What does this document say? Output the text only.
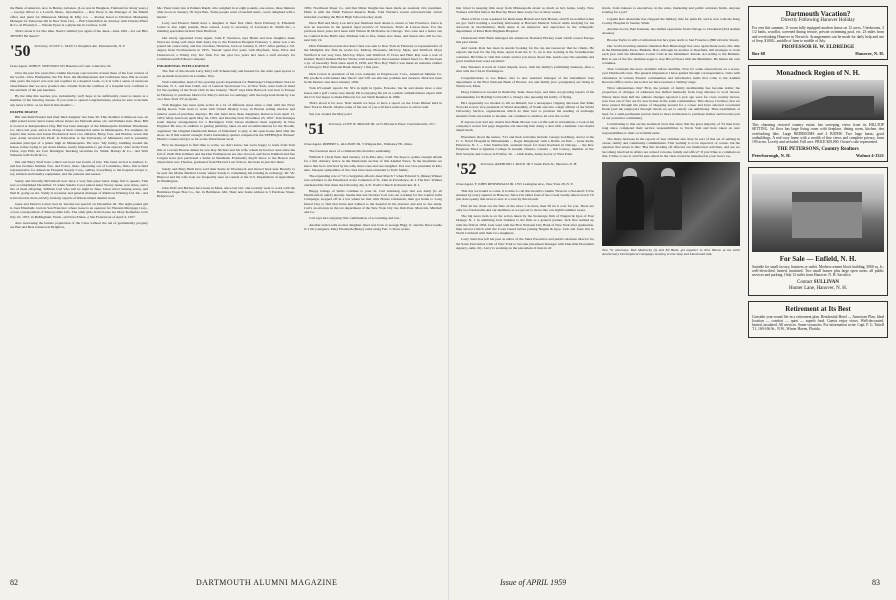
the Bank of America, now in Beirut, Lebanon. (Lou was in Bangkok, Thailand for many years.) ... George Oliver is a Lowell, Mass., Optometrist. ... Ray Perry is the Manager of the Miami office and plant for Minnesota Mining & Mfg. Co. ... Rocket Reed is Division Marketing Manager for Tidewater Oil in New York City. ... Bob Underhill is an attorney with Charles Pfizer & Co. in Brooklyn. ... Warren Pyser is a physician in Cerritos, Calif.

That's about it for this time. Need I remind you again of the dates—June 1961—for our BIG TENTH? Be there!!!

'50 Secretary, SCOTT C. OLIN 71 Tompkins Ave. Pleasantville, N. Y.
Class Agent, JOHN F. SWENSON 525 Hazelwood Court, Glenview, Ill.

Over the past few years this column has been concocted in at least three of the four corners of the world—New Hampshire, the Far East, the Mediterranean and Caribbean Seas. But in recent nine years the report was ever put together in a hospital room, so it is with a sense of unctuous cheerfulness that we now produce this column from the confines of a hospital bed, confined to the sanctum of the pen handlers.

By the time this reaches you, incidentally, we'll hope to be sufficiently cured to return as a member of the laboring classes. If you want to spread congratulations, please be sure to include any news with it, as we find in this month's ...

DIAPER DIGEST

Bill and Ruth Frenzel had their third daughter last June 30. This chamber is Meltoon Lee, an eight pound seven ounce lassie whose sisters are Deborah Anne, six, and Pamela Jean, three. Bill is located at Independence Day, Bill has been manager of the Minneapolis Terminal Warehouse Co. since last year, and is in charge of their commercial outlet in Minneapolis. For example, he reports that Arnie and Jessie Bockstruck have two children, Betty, four, and Bobbie, seven this year. Arnie received his Ph.D. in Education at the University of Minnesota and is presently assistant principal of a junior high in Minneapolis. He says: 'My hobby, building around the house, is like trying to pat down kittens, nearly impossible to get done anyway.' Also in the Twin Cities, says Bill, are Curt Dunnigan 'hawking securities for Smith, Barney & Co.,' and Walt Schuette with Swift & Co.

Jim and Betty Wolf have a third son born last fourth of July. The latest arrival is Andrew C. and has brothers Jimmie, five, and Foster, three. Operating out of Columbus, Ohio, Jim is field representative for American Hospital Supply Corp., selling 'everything to the hospital except x-ray, kitchen and laundry equipment, and the patients and nurses.'

Sandy and Dorothy McCulloch now have a very fine joker band, kings full to queens. This was accomplished December 15 when Sandra Carol joined sister Stacey Anne, now three, and a trio of male offspring, William Carl who will be eight in June, Jason who's turning seven, and Neil R. going on six. Sandy is treasurer and general manager of Rainbow Printing Ltd. Inc., and is involved in more activity in many aspects of Rhode Island alumni work.

Gene and Patricia Carver had an 'income tax special' on December 29. The eight-pound girl is Joan Elizabeth, born in San Francisco where Gene is an operator for Western Mortgage Corp., a loan correspondent of Metropolitan Life. The other girls in the house are Mary Katherine, born July 25, 1957, in Bellingham, Wash., and Sara Elaine, a San Franciscan of April 4, 1957.

Also increasing the female population of the Class without the aid of gentlemanly progeny are Ben and Bets Johnson in Brighton,

Me. Their latest lass is Pamela Randi, who weighed in at eight pounds, one ounce, three minutes after noon on January 18. Says Ben, 'Some people want a baseball team—we're delighted with a harem.'

Larry and Eleanor Smith have a daughter at their first child. Born February 6, Elizabeth Carter is also eight pounds, three ounces. Larry is secretary of Lawrence R. Smith Inc., a building specialties firm in West Hartford.

Our newly appointed Class Agent, John F. Swenson, says Helen and new daughter Anne Ward are doing well since their hasty trip to the Evanston Hospital February 1. Anne was a six pound ten ounce baby, and has a brother, Nicholas, born on January 9, 1957. After getting a J.D. degree from Northwestern in 1955, 'Swede' spent five years with Mayfield, Saxe, Price and Underwood, a Windy City law firm. For the past two years he's been a staff attorney for Commonwealth Edison Company.

INKADENTAL INTELLIGENCE

The first of this month Larry Perry left Schenectady and headed for the wide open spaces to set up medical practice in Laramie, Wyo.

Walt Lindenthal, head of the sporting goods department for Bamberger's Department Store in Newark, N. J., and Ken Udell, son of General Sportswear Co. in New York, were both on hand for the opening of the Stork Club in late January. 'That?' says Dick Babcock was host to Europe in February to purchase fabrics for Macy's and not too unhappy with the large haul made by Lee on a New York TV program.

Tom Ruggles has been quite active in a lot of different areas since a stint with the Navy during Korea. Tom went to work with United Display Corp. in Boston selling window and interior point-of-purchase displays. He and Janet have three daughters, Rebecca born April 15, 1955; Mary Ann born April May 16, 1955, and Dorothy born November 23, 1957. Tom manages retail display arrangements for a Barrington Club whose members meet regularly in New England. He also, in addition to getting publicity, takes on and accommodations for the Doodle, organized 'the Original Dartmouth Dukes of Dixieland' to play at the open house held after the show. As if this weren't enough, Tom's barbershop quartet competed in the SPEBSQSA 'Pioneer' District contest and got as far as the Westchester level.

How he managed to find time to write, we don't know, but we're happy to learn from Tom that at a recent Boston dinner he saw Ray Nichols and his wife, whom he had not seen since the fall of 1948. Bob Kilmarx and the Dan Featherstons are also in town, and Steve Kimball and Sue Colgate have just purchased a home in Needham. Eventually they'll move to the Boston area where their son, Thomas, graduated from Harvard Law School, has been in practice there.

Sandy and Mary Beth have sold their home in Woodstock and moved back near Beverly to be near the Maine Medical Center where Sandy is completing his training in radiology. Dr. Vic Harpool and his wife Joan are frequently seen on rounds at the U.S. Department of Agriculture in Washington.

John Wolf and Barbara have been in Mass. since last Oct. and recently went to work with the Baltimore Paper Box Co., Inc. in Baltimore, Md. Their new home address is 5 Purchase Street, Ridgewood.

1956. Northwest Paper Co. and that Dixie Vaughn has been made an assistant vice president. Dixie is with the Ninth Federal Reserve Bank. Tom Warner's recent extracurricular action included coaching the Birch High School hockey team.

Dave Bull and Mary Lou have just finalized their desire to return to San Francisco. Dave is now an associate in the general legal practice of Severson, Davis & Larson there. For the previous three years he'd been with Wilson & McIlvaine in Chicago. Two sons and a boiler can be counted in the Bull's nest, Michael who is five, James now three, and Susan who will be two next July 19.

Dick Whiteman reveals that Ken Clark was sent to New York in February as representative of the Memphis law firm he works for, McKay, Pleasants, McCloy, Myar, and Wellford. Myar Wellford is our very best, McCloy, Myar, and Wellford. If Clara and Herb Ray took a tour of Ireland. Herb's Indiana Harbor Works with assistant to the treasurer Inland Steel Co. He has been a vp. of Guaranty Trust since April 8, 1958, and 'Hoo Boy' Herb's was made an assistant cashier of Chicago's First National Bank January 1 this year.

Dick Cotten is president of his own company in Englewood, Colo., American Skinner Co. His products with names like 'Once!' and 'Oft' are silicone polishes and cleaners. Dick has been in the Denver area since January 1956.

Tom O'Connell reports No 50's in sight in Quito, Ecuador, but he and Annie have a nice house and a golf course very handy. He is enjoying his job as a public administration expert with the U.S. but hopes to make Hanover for our Tenth Reunion in 1960.

That's about it for now. Next month we hope to have a report on the Class Dinner held in New York in March. Maybe some of the rest of you will have some news to add as well.

See you around the May pole!

'51 Secretary, LOVE W. MILLER JR. 2115 Pinehurst Place Charlottesville, N.C.
Class Agent, ROBERT L. ALLISON JR. 5 Wingate Rd., Wellesley Hl., Mass.

The foremost news of a claimant this month is saddening.

William T. (Ted) Weis died January 14 in Palo Alto, Calif. We hope to gather enough details for a full obituary notice in the Memorials section of this Alumni News. In the meantime we know that he is survived by his wife, three sons and one daughter. Ted was vice president in Palo Alto. Deepest sympathies of the class have been extended to Ted's family.

The expanding role of '51's clergymen affords Janet March 7 when Edward S. (Duke) Winner was ordained to the Priesthood at the Cathedral of St. John in Providence, R. I. The Rev. Winner celebrated his first mass the following day at St. Paul's Church in Pawtucket, R. I.

Happy tidings of births continue to pour in. Carl Ginsberg says that son Andy (is all Dartmouth in spirit) already. Seems that last October Carl was out working for the Capital Gifts Campaign, stopped off in a bar where he met with Howie Glickstein, then got home to Long Island City to find that Irene had walked to the hospital in his absence and and so has Andy. Carl's an attorney in the tax department of the New York City law firm Pear, Marwick, Mitchell and Co.

Carl says he's enjoying 'this combination of accounting and law.'

Another notice tells us that daughter Janet was born to George Bigg, Jr. and the Dave Leslie Jr.'s till youngster, Mary Elizabeth (Betsy) came along Feb. 3. Dave writes

that travel is keeping him away from Minneapolis about as much as he's home, lately. New Yorkers will find him at the Barclay Hotel there every two or three weeks.

There will be a last weekend for Ruth Anne Brandt and Jack Horner, and I'll be notified when we get. Ted's holding a teaching fellowship at Harvard Medical School while studying for his doctorate in biochemistry. Ruth Anne is an instructor and supervisor in the orthopedic department of Peter Bent Brigham Hospital.

Understand Walt Bush managed the American National Hockey team which toured Europe this past winter.

And Guido Ratz has been in Austin 'looking for the top ski resources' that he claims. He expects the best for the big three. Apart from the U. S., he is also looking at the Scandinavian countries. He'd like to visit this winter and let you know about this. Guido says 'the sunshine and good German beer were excellent.'

Pete Smetana is back in Cedar Rapids, Iowa, with his family's publishing business, after a stint with the CIA in Washington.

Congratulations to Joe Baker, who is new assistant manager of the installment loan department at the First National Bank of Boston. Joe and family (two youngsters) are living in Westwood, Mass.

Doug Johnston is located in Nashville, Tenn. these days, and there are glowing reports of his salesmanship for Bolding Corticelli Co. Doug's also pursuing his hobby of flying.

He's apparently too modest to tell us himself, but a newspaper clipping discloses that Mike Sovocka is now vice president of World Assembly of Youth and also a high official of the World University Service, organizations which do their best to promote the sending of exchange students from one nation to another, our continent to another, all over the world.

If anyone ever had any doubts that Hank Mower was a trifle well in investment, a look at his company's recent full page magazine ads showing him doing a deal with a hammer. Gel should dispel them.

Elsewhere about the nation, '51's and their activities include: George Goldberg, doctor at the U. S. Naval Hospital in Philadelphia ... Roger Kingsland, with a Dallas oil firm ... Gene Kelly, Princeton, N. J. ... John Southworth, assistant buyer for Sears Roebuck in Chicago ... the Rev. Ferguson Thiel at Ignatius College in Guelph, Ontario, Canada ... Jim Conroy, member of law firm Swayne and Conroy in Fairfax, Va. ... Dick Kahn, Army doctor at West Point.

'52 Secretary, RAYMOND J. ROCK JR. 5 South Park St., Hanover, N. H.
Class Agent, F. JOHN RESERWALD JR. 1355 Lexington Ave., New York 28, N. Y.

This day we bound to come. It is time to call this month's column 'News in a Nut-shell.' I'd be stunned by every squirrel in Hanover. Since I'm rather fond of the rowdy loudly-tailed crowd, I'll just state openly that news is now at a scarcity this month.

First let me clean out the files on the news I do have, then I'll tie it over for you. There are only two fresh items and our members as we get set to move into our eighth summer sweet.

The big news item is on the action taken by the brokerage firm of Nugent & Igoe of East Orange, N. J. in admitting Jack Unkless to the firm as a general partner. Jack first teamed up with the firm in 1956. Jack went with the First National City Bank of New York after graduation, then served a hitch with the Coast Guard before joining Nugent & Igoe. Jack and Josie live in North Caldwell with their two daughters.

Larry Stern has left his post as editor of the Sales Executive and public relations director for the Sales Executives Club of New York to become placement manager with Dun-Rite Placement Agency, same city. Larry is working on the placement of men in all

levels, from trainees to executives, in the sales, marketing and public relations fields. Anyone looking for a job?

Captain Rex Alexander has chopped the military title for plain Dr. and is now with the King County Hospital in Seattle, Wash.

Another doctor, Bart Kunstan, has shifted operations from Chicago to Cincinnati (614 Aaman Avenue).

Brooke Taylor is still a Californian but he's gone north to San Francisco (896 Octavia Street).

Our world-traveling reunion chairman Bob Binswanger has once again made news, this time in the Philadelphia Press. Bulletin. Bob, although he teaches at Deerfield, still manages to work each year with the Mummers Comic Club in the Mummers' Parade. According to the Bulletin, Bob is one of the few alumnus eager to stop Broad Street with the Mummers. He makes his own costumes.

That concludes the news available before deadline. Now for some observations on a seven-year Dartmouth class. The general impression I have gained through correspondence, visits with classmates in various Eastern communities and informative items that come to the Alumni Records Office and to me is that we have reached a 'settling' stage.

What substantiates this? First, the pattern of family membership has become stable; the proportion of changes of addresses has shifted markedly from long distance to local moves. Where more than half the address changes reported a year ago were for cross country moves, now four out of five are for new homes in the same communities. This shows, I believe, that we have passed through the phase of shopping around for a career and have selected vocational fields (and the employers through whom we set to satisfy our ambitions). Thus established, at least for a semi-permanent period, there is more inclination to purchase homes and become part of our particular community.

Contributing to this are the statistical facts that show that the great majority of '52 men have long since completed their service responsibilities to Uncle Sam and have taken on new responsibilities to their own family units.

The sharp decrease in the reports of new children also may be part of this set of settling in career, family and community commitments. This 'settling' is to be expected, of course, but the question that arises is this: 'Has this leveling off affected our intellectual activities, and are we becoming involved in affairs not related to home, family and office?' If you'd like to comment on this, I'd like to see it, and I'm sure others in the class would be interested in your views too.

Two '51 attorneys, Bob Medvecky (l) and Ed Bialz, get together in New Haven at the tenth Anniversary Development Campaign meeting to mix shop and Dartmouth talk.
Dartmouth Vacation?
Directly Following Hanover Holiday
For rent this summer, 11-room fully equipped modern house on 12 acres, 5 bedrooms, 3 1/2 baths, woodlot, screened dining terrace, private swimming pool, etc. 23 miles from and overlooking Hanover in Norwich. Arrangements can be made for daily help and use of Jeep. $1000—middle of June to middle of July.
PROFESSOR H. W. ELDREDGE
Box 68	Hanover, N. H.
Monadnock Region of N. H.
This charming restored country estate, has sweeping views from its HILLTOP SETTING. 1st floor has large living room with fireplace, dining room, kitchen, den overlooking lake. Large BEDROOMS and 2 BATHS. Two huge barns, good outbuildings. A real cozy home with a wealth of fine views and complete privacy, from 190 acres. Lovely and secluded. Full acre. PRICE $29,000. Owner's sale represented.
THE PETERSONS, Country Realtors
Peterborough, N. H.	Walnut 4-3321
For Sale — Enfield, N. H.
Suitable for small factory, business or outlet. Modern cement block building, 5000 sq. ft.; well-electrified, heated, insulated. Two small homes plus large open areas; all public services and parking. Only 12 miles from Hanover. N. H. Sacrifice.
Contact SULLIVAN
Hunter Lane, Hanover, N. H.
Retirement at Its Best
Consider year-round life in a retirement plan. Residential Hotel — American Plan, Ideal location — comfort — quiet — superb food. Guests enjoy views. Well-decorated, heated, insulated. All services. Some vacancies. For information write: Capt. F. G. Tuitell '11, 160-166 St., N.W., Winter Haven, Florida.
82	DARTMOUTH ALUMNI MAGAZINE	Issue of APRIL 1959	83
